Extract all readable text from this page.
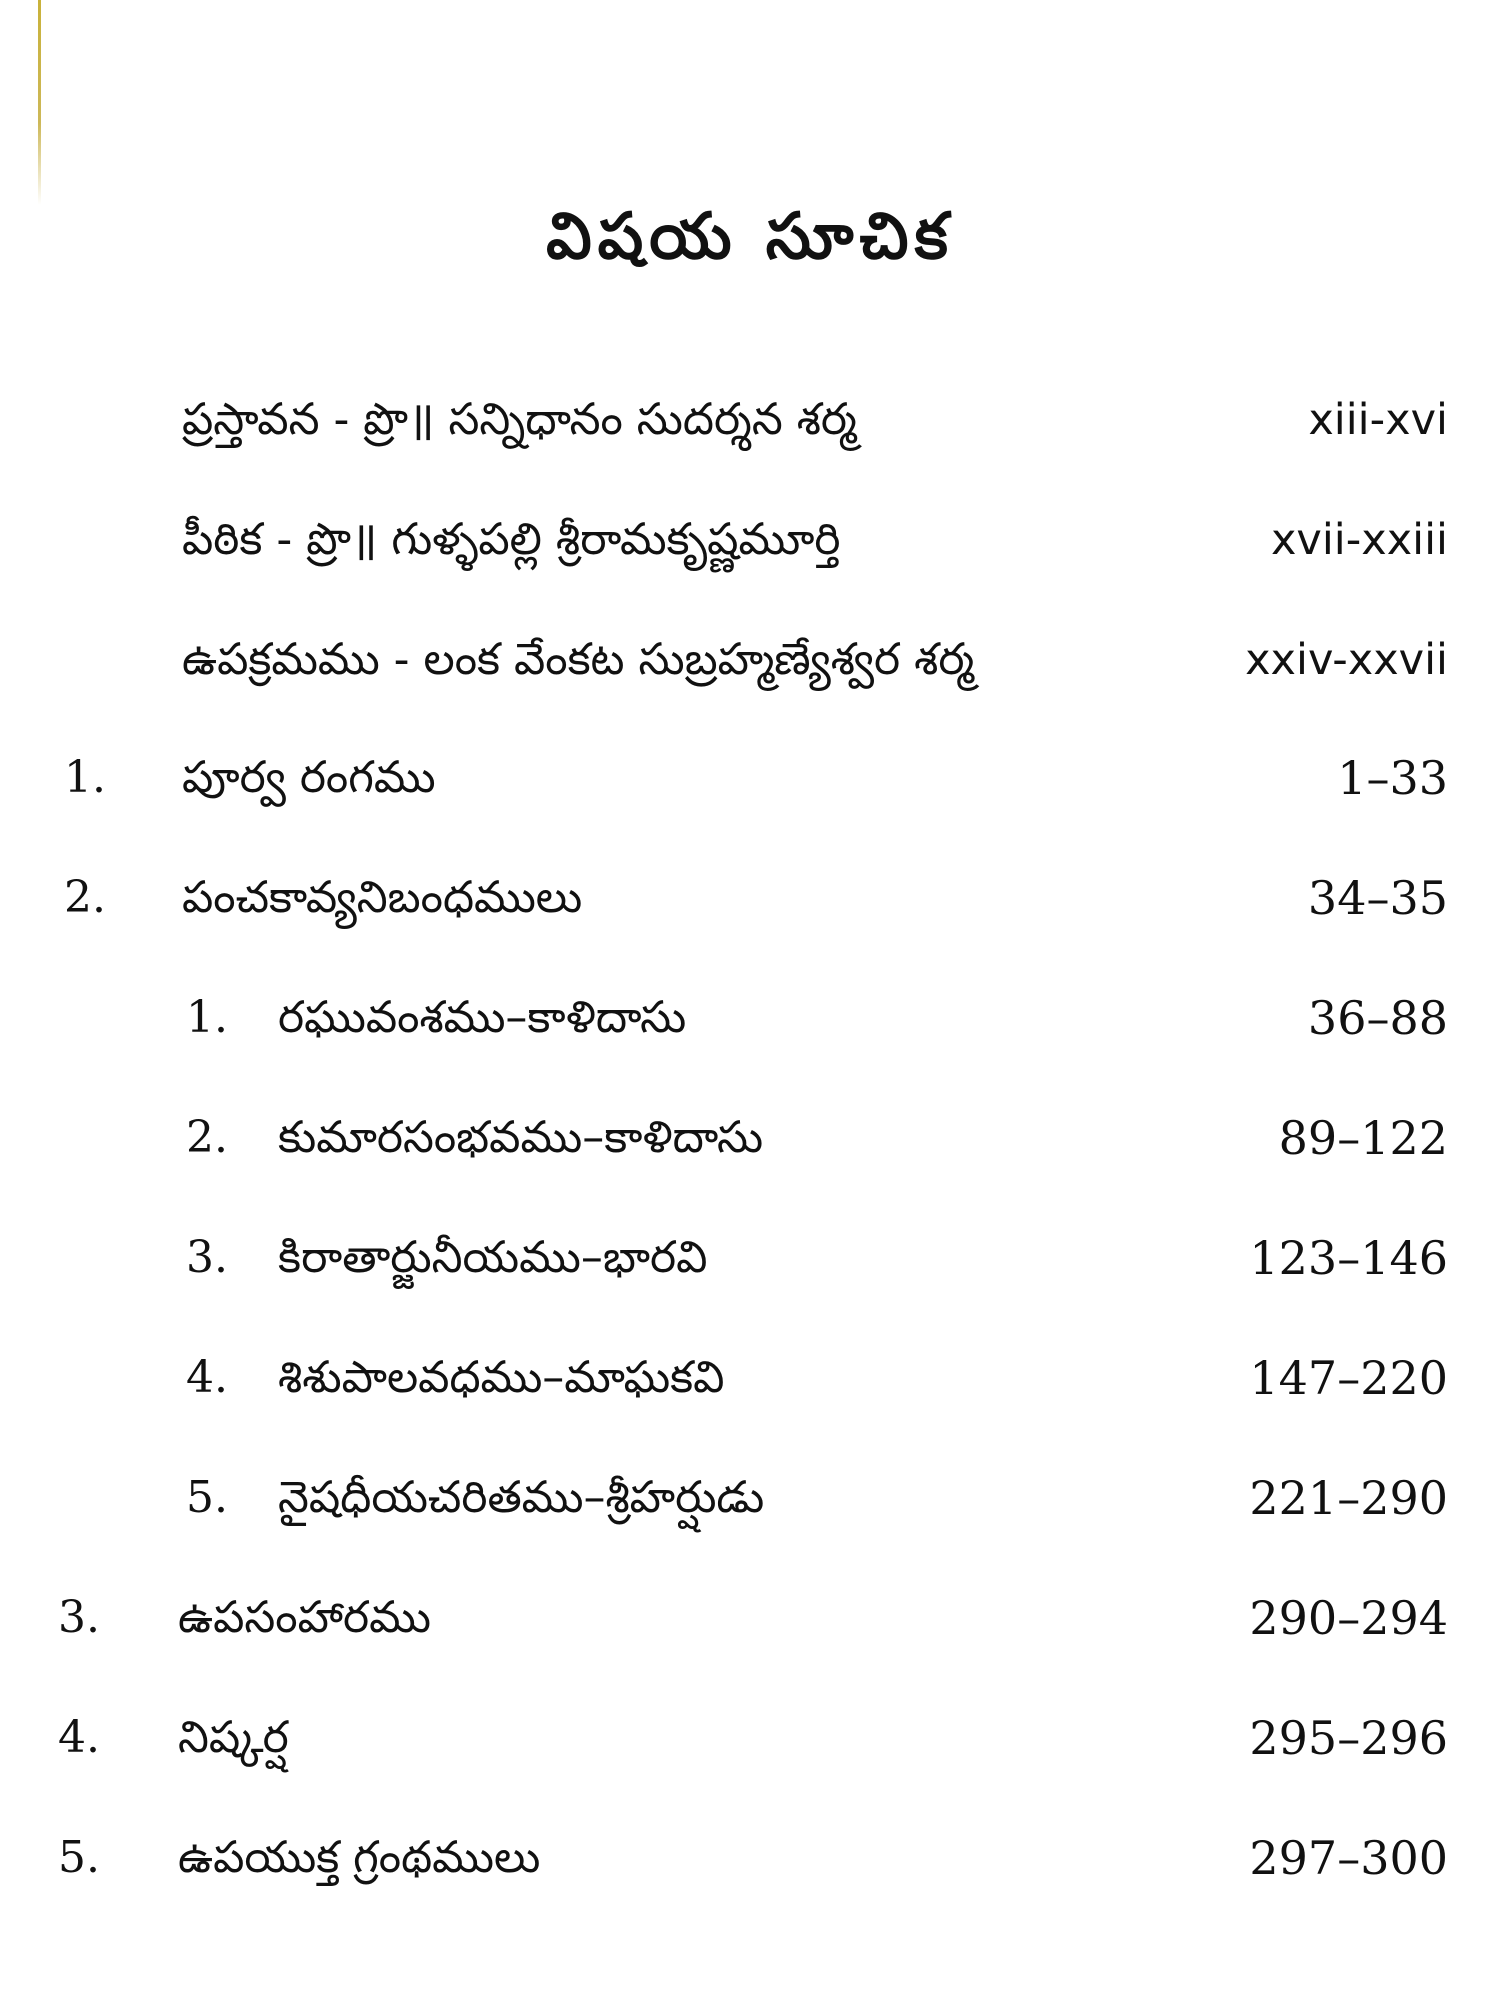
విషయ సూచిక
ప్రస్తావన - ప్రొ॥ సన్నిధానం సుదర్శన శర్మ	xiii-xvi
పీఠిక - ప్రొ॥ గుళ్ళపల్లి శ్రీరామకృష్ణమూర్తి	xvii-xxiii
ఉపక్రమము - లంక వేంకట సుబ్రహ్మణ్యేశ్వర శర్మ	xxiv-xxvii
1. పూర్వ రంగము	1–33
2. పంచకావ్యనిబంధములు	34–35
1. రఘువంశము–కాళిదాసు	36–88
2. కుమారసంభవము–కాళిదాసు	89–122
3. కిరాతార్జునీయము–భారవి	123–146
4. శిశుపాలవధము–మాఘకవి	147–220
5. నైషధీయచరితము–శ్రీహర్షుడు	221–290
3. ఉపసంహారము	290–294
4. నిష్కర్ష	295–296
5. ఉపయుక్త గ్రంథములు	297–300
